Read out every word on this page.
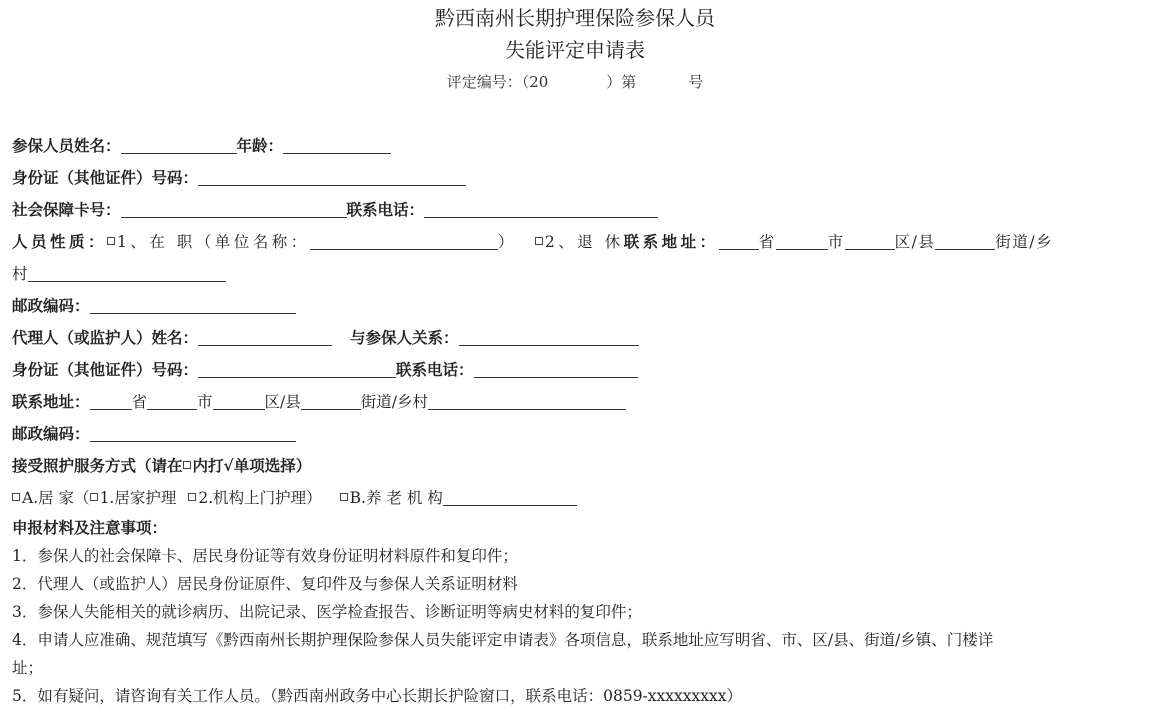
黔西南州长期护理保险参保人员
失能评定申请表
评定编号：（20	）第	号
参保人员姓名：	年龄：
身份证（其他证件）号码：
社会保障卡号：	联系电话：
人员性质： 1、在 职（单位名称：	） 2、退 休联系地址：	省	市	区/县	街道/乡
村
邮政编码：
代理人（或监护人）姓名：	与参保人关系：
身份证（其他证件）号码：	联系电话：
联系地址：	省	市	区/县	街道/乡村
邮政编码：
接受照护服务方式（请在 内打√单项选择）
A.居 家（ 1.居家护理 2.机构上门护理） B.养 老 机 构
申报材料及注意事项：
1．参保人的社会保障卡、居民身份证等有效身份证明材料原件和复印件；
2．代理人（或监护人）居民身份证原件、复印件及与参保人关系证明材料
3．参保人失能相关的就诊病历、出院记录、医学检查报告、诊断证明等病史材料的复印件；
4．申请人应准确、规范填写《黔西南州长期护理保险参保人员失能评定申请表》各项信息，联系地址应写明省、市、区/县、街道/乡镇、门楼详
址；
5．如有疑问，请咨询有关工作人员。（黔西南州政务中心长期长护险窗口，联系电话：0859-xxxxxxxxx）
